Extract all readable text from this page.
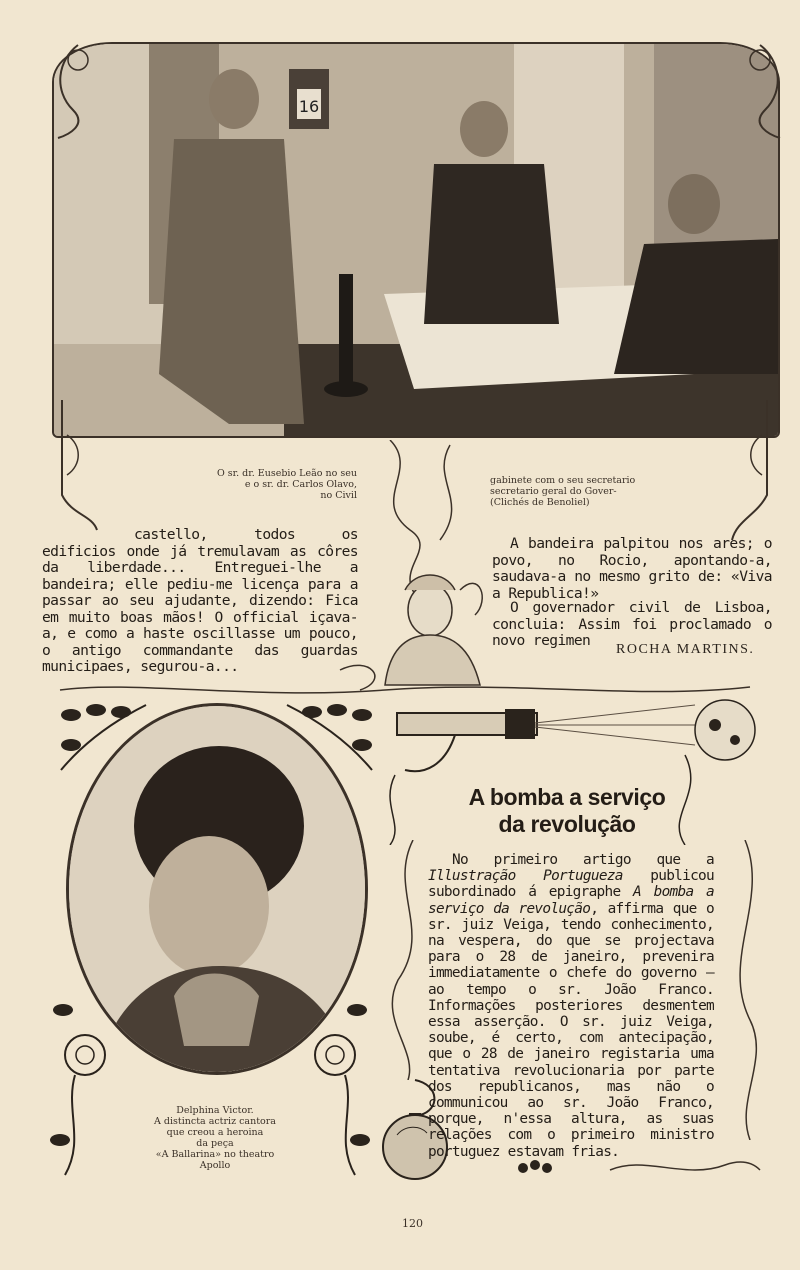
16
O sr. dr. Eusebio Leão no seu
e o sr. dr. Carlos Olavo,
no Civil
gabinete com o seu secretario
secretario geral do Gover-
(Clichés de Benoliel)
castello, todos os edificios onde já tremulavam as côres da liberdade... Entreguei-lhe a bandeira; elle pediu-me licença para a passar ao seu ajudante, dizendo: Fica em muito boas mãos! O official içava-a, e como a haste oscillasse um pouco, o antigo commandante das guardas municipaes, segurou-a...
A bandeira palpitou nos ares; o povo, no Rocio, apontando-a, saudava-a no mesmo grito de: «Viva a Republica!»
O governador civil de Lisboa, concluia: Assim foi proclamado o novo regimen
ROCHA MARTINS.
Delphina Victor.
A distincta actriz cantora
que creou a heroina
da peça
«A Ballarina» no theatro
Apollo
A bomba a serviço
da revolução
No primeiro artigo que a Illustração Portugueza publicou subordinado á epigraphe A bomba a serviço da revolução, affirma que o sr. juiz Veiga, tendo conhecimento, na vespera, do que se projectava para o 28 de janeiro, prevenira immediatamente o chefe do governo — ao tempo o sr. João Franco. Informações posteriores desmentem essa asserção. O sr. juiz Veiga, soube, é certo, com antecipação, que o 28 de janeiro registaria uma tentativa revolucionaria por parte dos republicanos, mas não o communicou ao sr. João Franco, porque, n'essa altura, as suas relações com o primeiro ministro portuguez estavam frias.
120
